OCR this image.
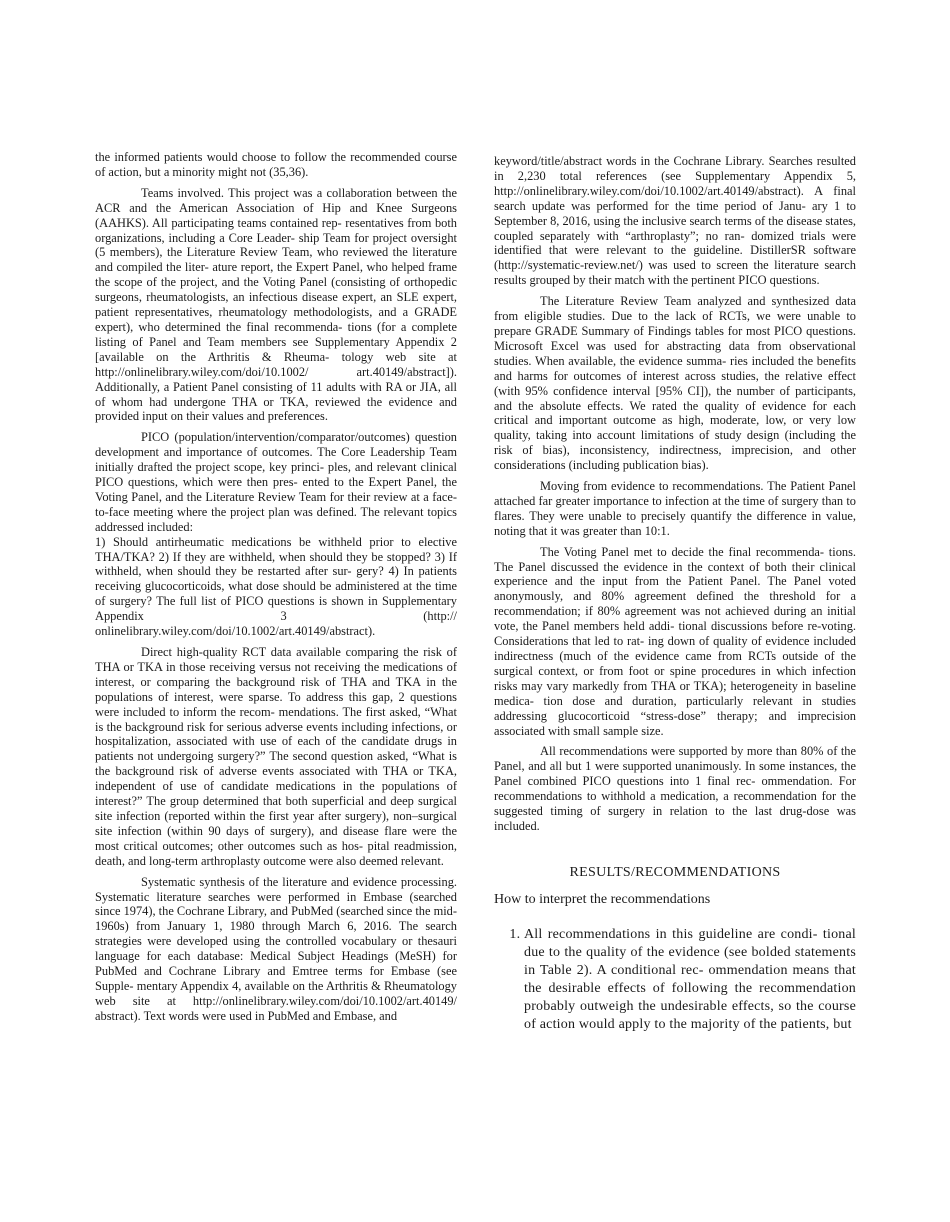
the informed patients would choose to follow the recommended course of action, but a minority might not (35,36).

Teams involved. This project was a collaboration between the ACR and the American Association of Hip and Knee Surgeons (AAHKS). All participating teams contained rep- resentatives from both organizations, including a Core Leader- ship Team for project oversight (5 members), the Literature Review Team, who reviewed the literature and compiled the liter- ature report, the Expert Panel, who helped frame the scope of the project, and the Voting Panel (consisting of orthopedic surgeons, rheumatologists, an infectious disease expert, an SLE expert, patient representatives, rheumatology methodologists, and a GRADE expert), who determined the final recommenda- tions (for a complete listing of Panel and Team members see Supplementary Appendix 2 [available on the Arthritis & Rheuma- tology web site at http://onlinelibrary.wiley.com/doi/10.1002/ art.40149/abstract]). Additionally, a Patient Panel consisting of 11 adults with RA or JIA, all of whom had undergone THA or TKA, reviewed the evidence and provided input on their values and preferences.

PICO (population/intervention/comparator/outcomes) question development and importance of outcomes. The Core Leadership Team initially drafted the project scope, key princi- ples, and relevant clinical PICO questions, which were then pres- ented to the Expert Panel, the Voting Panel, and the Literature Review Team for their review at a face-to-face meeting where the project plan was defined. The relevant topics addressed included:

1) Should antirheumatic medications be withheld prior to elective THA/TKA? 2) If they are withheld, when should they be stopped? 3) If withheld, when should they be restarted after sur- gery? 4) In patients receiving glucocorticoids, what dose should be administered at the time of surgery? The full list of PICO questions is shown in Supplementary Appendix 3 (http:// onlinelibrary.wiley.com/doi/10.1002/art.40149/abstract).

Direct high-quality RCT data available comparing the risk of THA or TKA in those receiving versus not receiving the medications of interest, or comparing the background risk of THA and TKA in the populations of interest, were sparse. To address this gap, 2 questions were included to inform the recom- mendations. The first asked, “What is the background risk for serious adverse events including infections, or hospitalization, associated with use of each of the candidate drugs in patients not undergoing surgery?” The second question asked, “What is the background risk of adverse events associated with THA or TKA, independent of use of candidate medications in the populations of interest?” The group determined that both superficial and deep surgical site infection (reported within the first year after surgery), non–surgical site infection (within 90 days of surgery), and disease flare were the most critical outcomes; other outcomes such as hos- pital readmission, death, and long-term arthroplasty outcome were also deemed relevant.

Systematic synthesis of the literature and evidence processing. Systematic literature searches were performed in Embase (searched since 1974), the Cochrane Library, and PubMed (searched since the mid-1960s) from January 1, 1980 through March 6, 2016. The search strategies were developed using the controlled vocabulary or thesauri language for each database: Medical Subject Headings (MeSH) for PubMed and Cochrane Library and Emtree terms for Embase (see Supple- mentary Appendix 4, available on the Arthritis & Rheumatology web site at http://onlinelibrary.wiley.com/doi/10.1002/art.40149/ abstract). Text words were used in PubMed and Embase, and

keyword/title/abstract words in the Cochrane Library. Searches resulted in 2,230 total references (see Supplementary Appendix 5, http://onlinelibrary.wiley.com/doi/10.1002/art.40149/abstract). A final search update was performed for the time period of Janu- ary 1 to September 8, 2016, using the inclusive search terms of the disease states, coupled separately with “arthroplasty”; no ran- domized trials were identified that were relevant to the guideline. DistillerSR software (http://systematic-review.net/) was used to screen the literature search results grouped by their match with the pertinent PICO questions.

The Literature Review Team analyzed and synthesized data from eligible studies. Due to the lack of RCTs, we were unable to prepare GRADE Summary of Findings tables for most PICO questions. Microsoft Excel was used for abstracting data from observational studies. When available, the evidence summa- ries included the benefits and harms for outcomes of interest across studies, the relative effect (with 95% confidence interval [95% CI]), the number of participants, and the absolute effects. We rated the quality of evidence for each critical and important outcome as high, moderate, low, or very low quality, taking into account limitations of study design (including the risk of bias), inconsistency, indirectness, imprecision, and other considerations (including publication bias).

Moving from evidence to recommendations. The Patient Panel attached far greater importance to infection at the time of surgery than to flares. They were unable to precisely quantify the difference in value, noting that it was greater than 10:1.

The Voting Panel met to decide the final recommenda- tions. The Panel discussed the evidence in the context of both their clinical experience and the input from the Patient Panel. The Panel voted anonymously, and 80% agreement defined the threshold for a recommendation; if 80% agreement was not achieved during an initial vote, the Panel members held addi- tional discussions before re-voting. Considerations that led to rat- ing down of quality of evidence included indirectness (much of the evidence came from RCTs outside of the surgical context, or from foot or spine procedures in which infection risks may vary markedly from THA or TKA); heterogeneity in baseline medica- tion dose and duration, particularly relevant in studies addressing glucocorticoid “stress-dose” therapy; and imprecision associated with small sample size.

All recommendations were supported by more than 80% of the Panel, and all but 1 were supported unanimously. In some instances, the Panel combined PICO questions into 1 final rec- ommendation. For recommendations to withhold a medication, a recommendation for the suggested timing of surgery in relation to the last drug-dose was included.

RESULTS/RECOMMENDATIONS
How to interpret the recommendations
1. All recommendations in this guideline are condi- tional due to the quality of the evidence (see bolded statements in Table 2). A conditional rec- ommendation means that the desirable effects of following the recommendation probably outweigh the undesirable effects, so the course of action would apply to the majority of the patients, but
